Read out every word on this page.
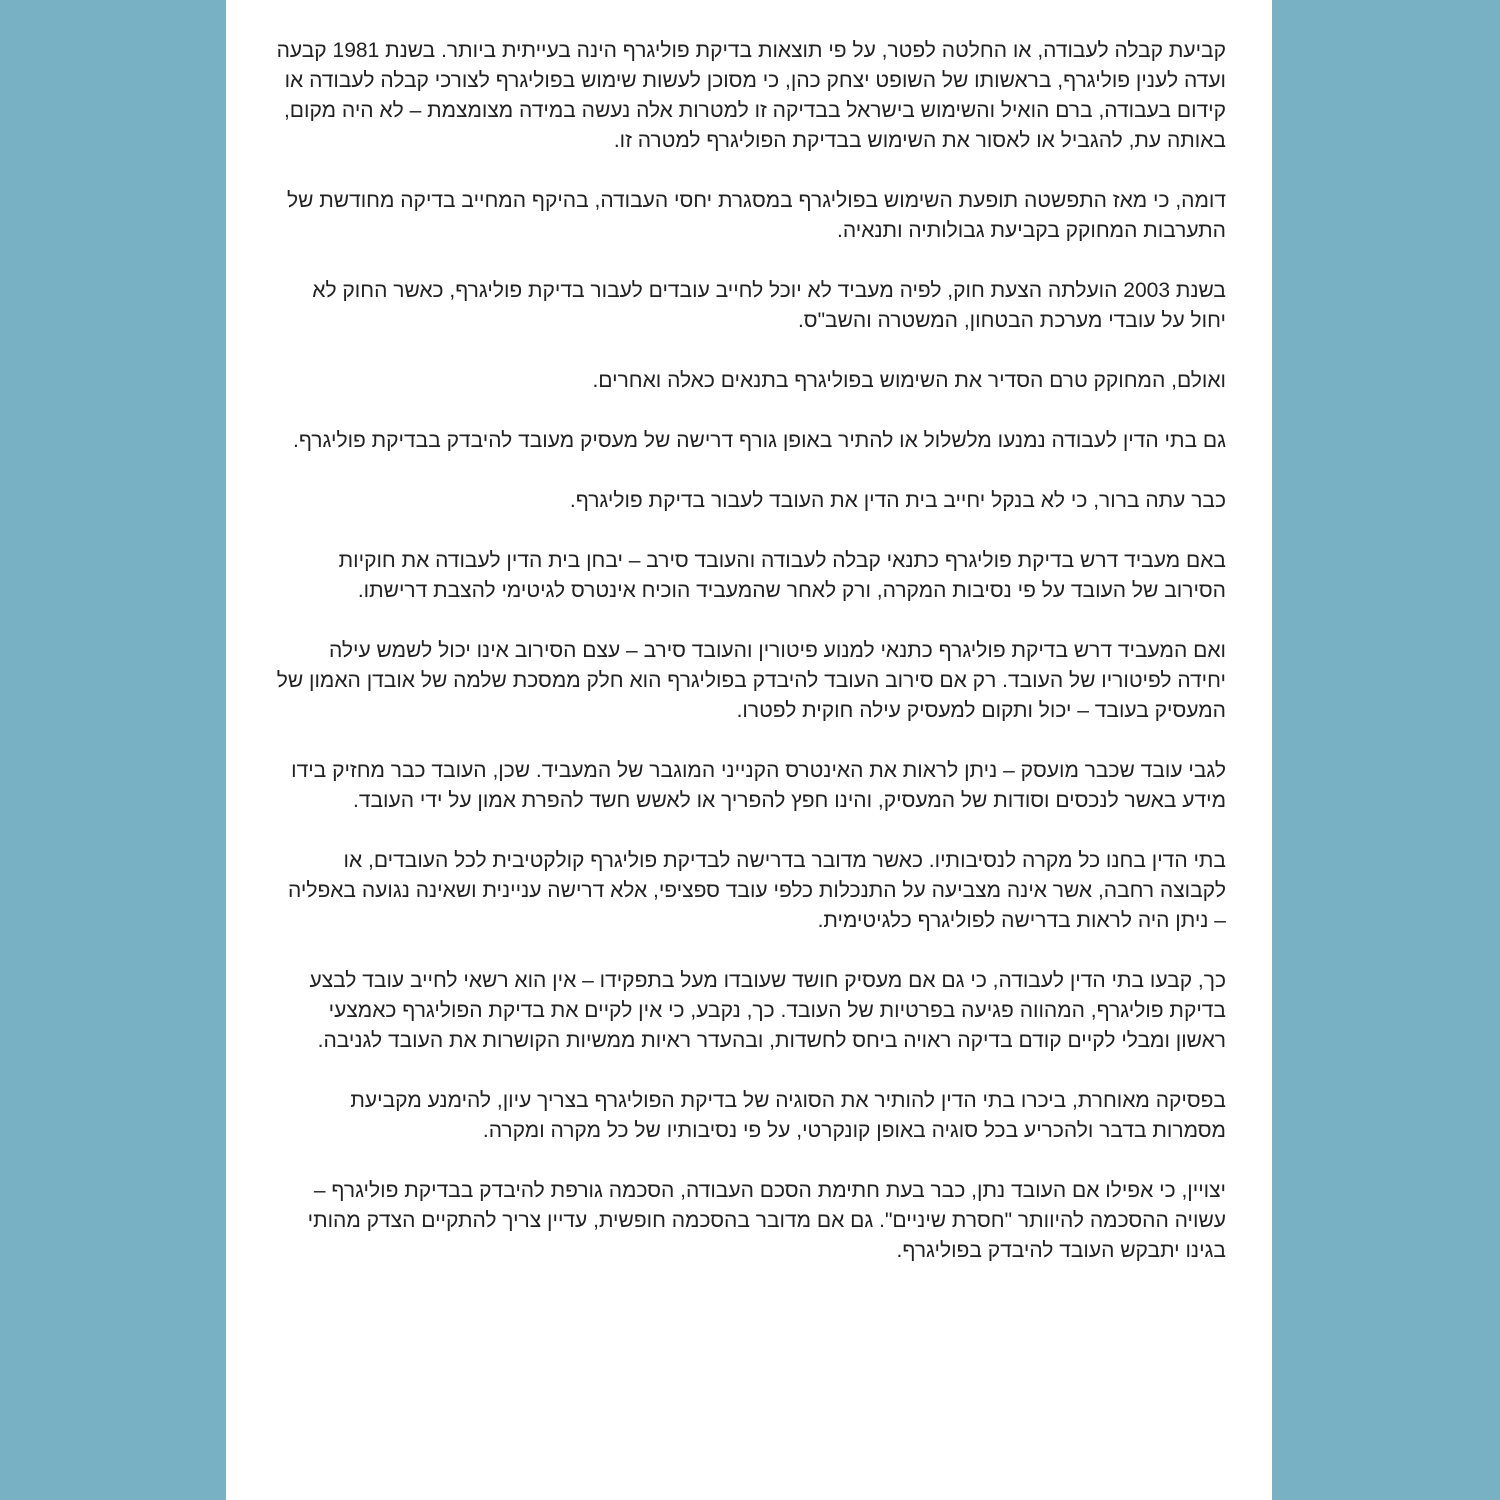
קביעת קבלה לעבודה, או החלטה לפטר, על פי תוצאות בדיקת פוליגרף הינה בעייתית ביותר. בשנת 1981 קבעה ועדה לענין פוליגרף, בראשותו של השופט יצחק כהן, כי מסוכן לעשות שימוש בפוליגרף לצורכי קבלה לעבודה או קידום בעבודה, ברם הואיל והשימוש בישראל בבדיקה זו למטרות אלה נעשה במידה מצומצמת – לא היה מקום, באותה עת, להגביל או לאסור את השימוש בבדיקת הפוליגרף למטרה זו.

דומה, כי מאז התפשטה תופעת השימוש בפוליגרף במסגרת יחסי העבודה, בהיקף המחייב בדיקה מחודשת של התערבות המחוקק בקביעת גבולותיה ותנאיה.

בשנת 2003 הועלתה הצעת חוק, לפיה מעביד לא יוכל לחייב עובדים לעבור בדיקת פוליגרף, כאשר החוק לא יחול על עובדי מערכת הבטחון, המשטרה והשב"ס.

ואולם, המחוקק טרם הסדיר את השימוש בפוליגרף בתנאים כאלה ואחרים.

גם בתי הדין לעבודה נמנעו מלשלול או להתיר באופן גורף דרישה של מעסיק מעובד להיבדק בבדיקת פוליגרף.

כבר עתה ברור, כי לא בנקל יחייב בית הדין את העובד לעבור בדיקת פוליגרף.

באם מעביד דרש בדיקת פוליגרף כתנאי קבלה לעבודה והעובד סירב – יבחן בית הדין לעבודה את חוקיות הסירוב של העובד על פי נסיבות המקרה, ורק לאחר שהמעביד הוכיח אינטרס לגיטימי להצבת דרישתו.

ואם המעביד דרש בדיקת פוליגרף כתנאי למנוע פיטורין והעובד סירב – עצם הסירוב אינו יכול לשמש עילה יחידה לפיטוריו של העובד. רק אם סירוב העובד להיבדק בפוליגרף הוא חלק ממסכת שלמה של אובדן האמון של המעסיק בעובד – יכול ותקום למעסיק עילה חוקית לפטרו.

לגבי עובד שכבר מועסק – ניתן לראות את האינטרס הקנייני המוגבר של המעביד. שכן, העובד כבר מחזיק בידו מידע באשר לנכסים וסודות של המעסיק, והינו חפץ להפריך או לאשש חשד להפרת אמון על ידי העובד.

בתי הדין בחנו כל מקרה לנסיבותיו. כאשר מדובר בדרישה לבדיקת פוליגרף קולקטיבית לכל העובדים, או לקבוצה רחבה, אשר אינה מצביעה על התנכלות כלפי עובד ספציפי, אלא דרישה עניינית ושאינה נגועה באפליה – ניתן היה לראות בדרישה לפוליגרף כלגיטימית.

כך, קבעו בתי הדין לעבודה, כי גם אם מעסיק חושד שעובדו מעל בתפקידו – אין הוא רשאי לחייב עובד לבצע בדיקת פוליגרף, המהווה פגיעה בפרטיות של העובד. כך, נקבע, כי אין לקיים את בדיקת הפוליגרף כאמצעי ראשון ומבלי לקיים קודם בדיקה ראויה ביחס לחשדות, ובהעדר ראיות ממשיות הקושרות את העובד לגניבה.

בפסיקה מאוחרת, ביכרו בתי הדין להותיר את הסוגיה של בדיקת הפוליגרף בצריך עיון, להימנע מקביעת מסמרות בדבר ולהכריע בכל סוגיה באופן קונקרטי, על פי נסיבותיו של כל מקרה ומקרה.

יצויין, כי אפילו אם העובד נתן, כבר בעת חתימת הסכם העבודה, הסכמה גורפת להיבדק בבדיקת פוליגרף – עשויה ההסכמה להיוותר "חסרת שיניים". גם אם מדובר בהסכמה חופשית, עדיין צריך להתקיים הצדק מהותי בגינו יתבקש העובד להיבדק בפוליגרף.
